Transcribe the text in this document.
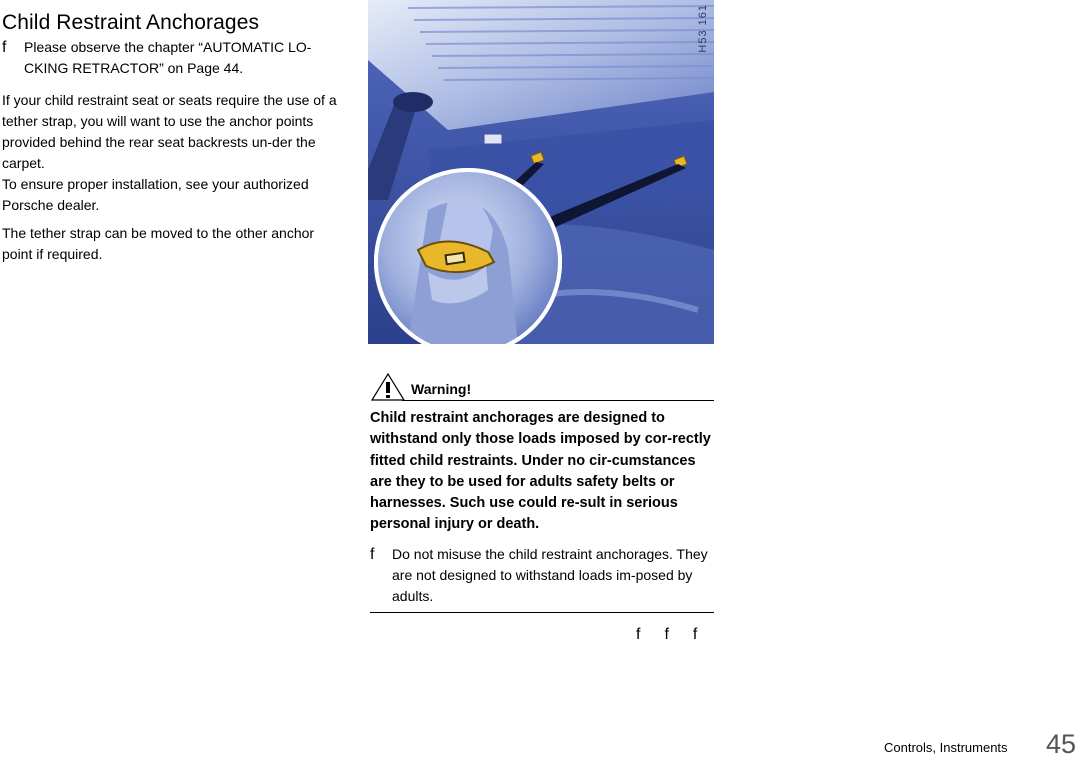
Child Restraint Anchorages
f	Please observe the chapter “AUTOMATIC LO-CKING RETRACTOR” on Page 44.

If your child restraint seat or seats require the use of a tether strap, you will want to use the anchor points provided behind the rear seat backrests un-der the carpet.

To ensure proper installation, see your authorized Porsche dealer.

The tether strap can be moved to the other anchor point if required.

H53 161
Warning!

Child restraint anchorages are designed to withstand only those loads imposed by cor-rectly fitted child restraints. Under no cir-cumstances are they to be used for adults safety belts or harnesses. Such use could re-sult in serious personal injury or death.

f	Do not misuse the child restraint anchorages. They are not designed to withstand loads im-posed by adults.
f f f
Controls, Instruments 45
